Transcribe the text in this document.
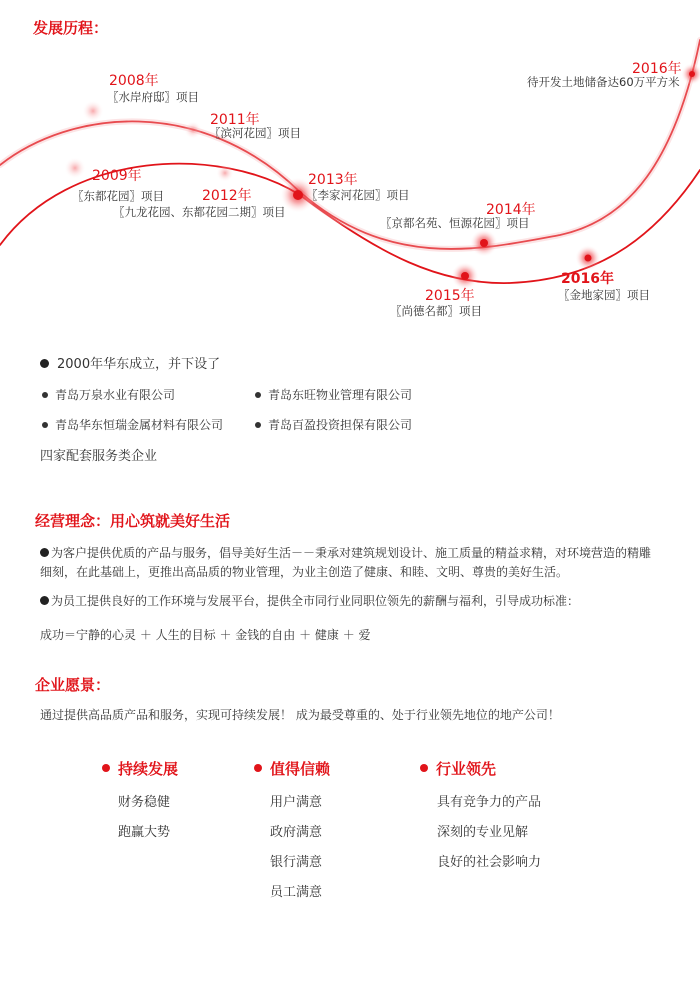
发展历程：
2008年
〖水岸府邸〗项目
2011年
〖滨河花园〗项目
2009年
〖东都花园〗项目	2012年
〖九龙花园、东都花园二期〗项目
2013年
〖李家河花园〗项目
2014年
〖京都名苑、恒源花园〗项目
2015年
〖尚德名都〗项目
2016年
〖金地家园〗项目
2016年
待开发土地储备达60万平方米
2000年华东成立，并下设了
青岛万泉水业有限公司	青岛东旺物业管理有限公司
青岛华东恒瑞金属材料有限公司	青岛百盈投资担保有限公司
四家配套服务类企业
经营理念：用心筑就美好生活
为客户提供优质的产品与服务，倡导美好生活－－秉承对建筑规划设计、施工质量的精益求精，对环境营造的精雕细刻，在此基础上，更推出高品质的物业管理，为业主创造了健康、和睦、文明、尊贵的美好生活。
为员工提供良好的工作环境与发展平台，提供全市同行业同职位领先的薪酬与福利，引导成功标准：
成功＝宁静的心灵 ＋ 人生的目标 ＋ 金钱的自由 ＋ 健康 ＋ 爱
企业愿景：
通过提供高品质产品和服务，实现可持续发展！ 成为最受尊重的、处于行业领先地位的地产公司！
持续发展
财务稳健
跑赢大势
值得信赖
用户满意
政府满意
银行满意
员工满意
行业领先
具有竞争力的产品
深刻的专业见解
良好的社会影响力
